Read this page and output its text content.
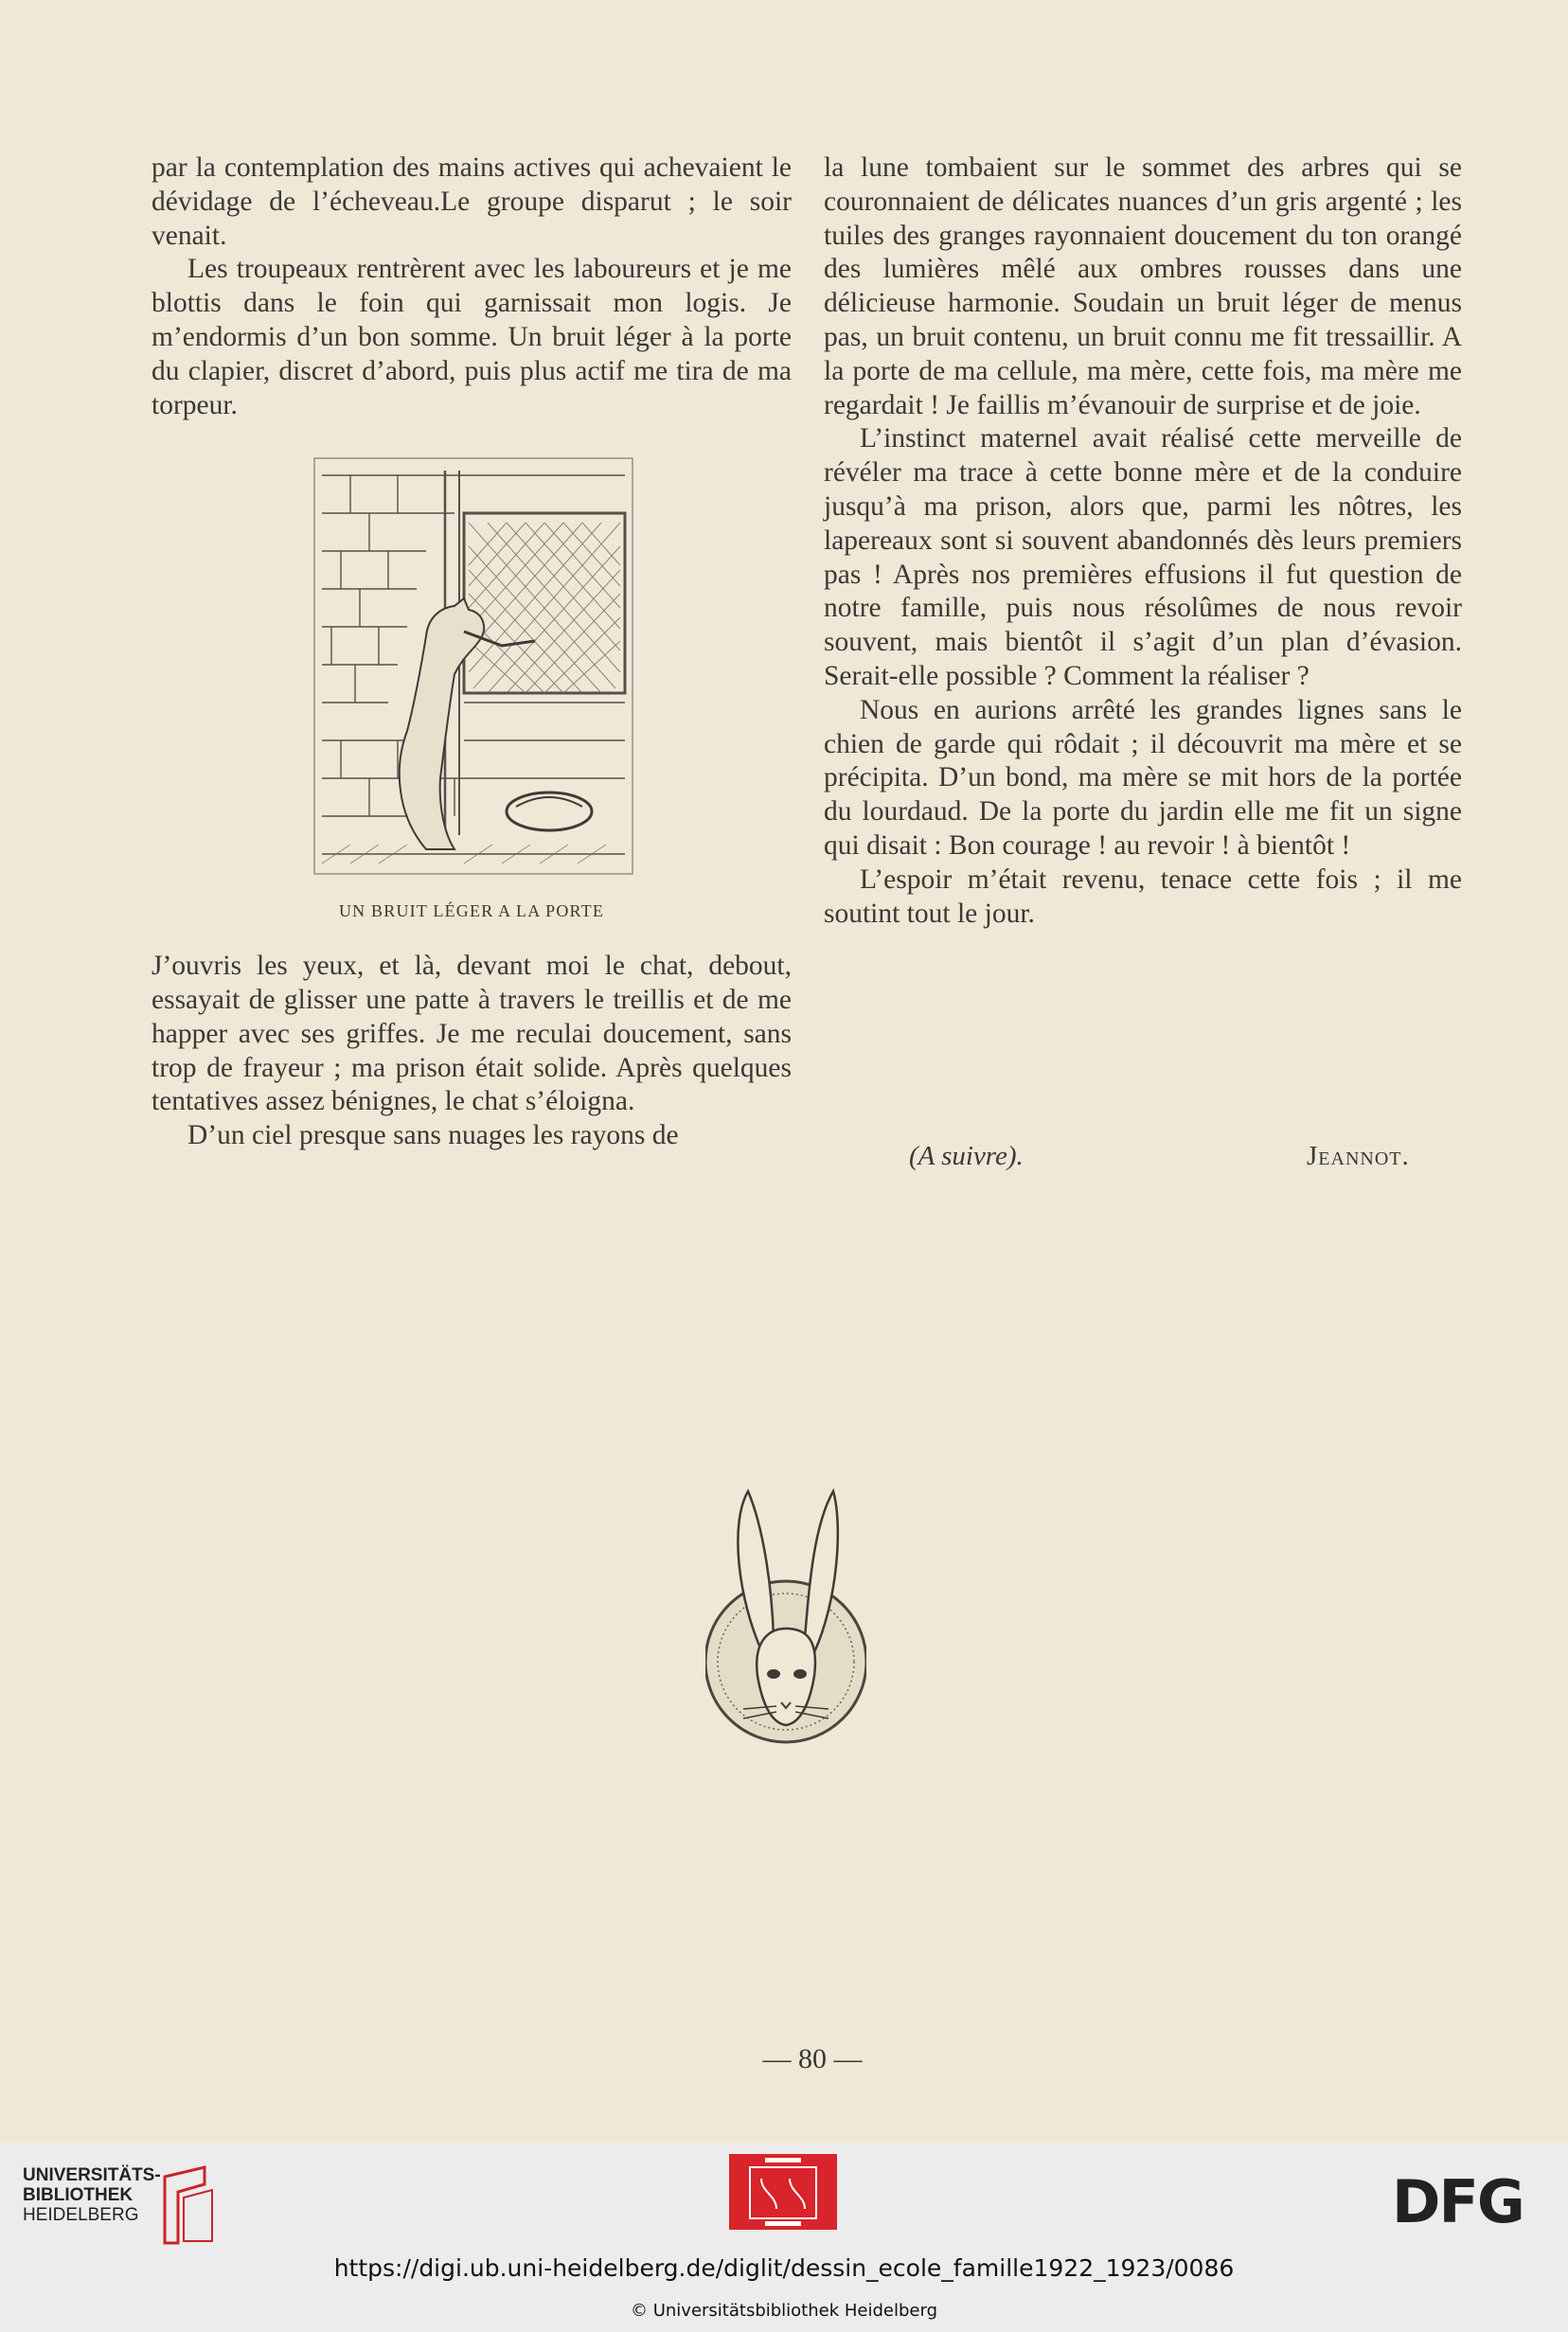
par la contemplation des mains actives qui achevaient le dévidage de l’écheveau.Le groupe disparut ; le soir venait.

Les troupeaux rentrèrent avec les laboureurs et je me blottis dans le foin qui garnissait mon logis. Je m’endormis d’un bon somme. Un bruit léger à la porte du clapier, discret d’abord, puis plus actif me tira de ma torpeur.

UN BRUIT LÉGER A LA PORTE

J’ouvris les yeux, et là, devant moi le chat, debout, essayait de glisser une patte à travers le treillis et de me happer avec ses griffes. Je me reculai doucement, sans trop de frayeur ; ma prison était solide. Après quelques tentatives assez bénignes, le chat s’éloigna.

D’un ciel presque sans nuages les rayons de

la lune tombaient sur le sommet des arbres qui se couronnaient de délicates nuances d’un gris argenté ; les tuiles des granges rayonnaient doucement du ton orangé des lumières mêlé aux ombres rousses dans une délicieuse harmonie. Soudain un bruit léger de menus pas, un bruit contenu, un bruit connu me fit tressaillir. A la porte de ma cellule, ma mère, cette fois, ma mère me regardait ! Je faillis m’évanouir de surprise et de joie.

L’instinct maternel avait réalisé cette merveille de révéler ma trace à cette bonne mère et de la conduire jusqu’à ma prison, alors que, parmi les nôtres, les lapereaux sont si souvent abandonnés dès leurs premiers pas ! Après nos premières effusions il fut question de notre famille, puis nous résolûmes de nous revoir souvent, mais bientôt il s’agit d’un plan d’évasion. Serait-elle possible ? Comment la réaliser ?

Nous en aurions arrêté les grandes lignes sans le chien de garde qui rôdait ; il découvrit ma mère et se précipita. D’un bond, ma mère se mit hors de la portée du lourdaud. De la porte du jardin elle me fit un signe qui disait : Bon courage ! au revoir ! à bientôt !

L’espoir m’était revenu, tenace cette fois ; il me soutint tout le jour.

(A suivre).	Jeannot.
— 80 —
UNIVERSITÄTS-
BIBLIOTHEK
HEIDELBERG	DFG
https://digi.ub.uni-heidelberg.de/diglit/dessin_ecole_famille1922_1923/0086
© Universitätsbibliothek Heidelberg
